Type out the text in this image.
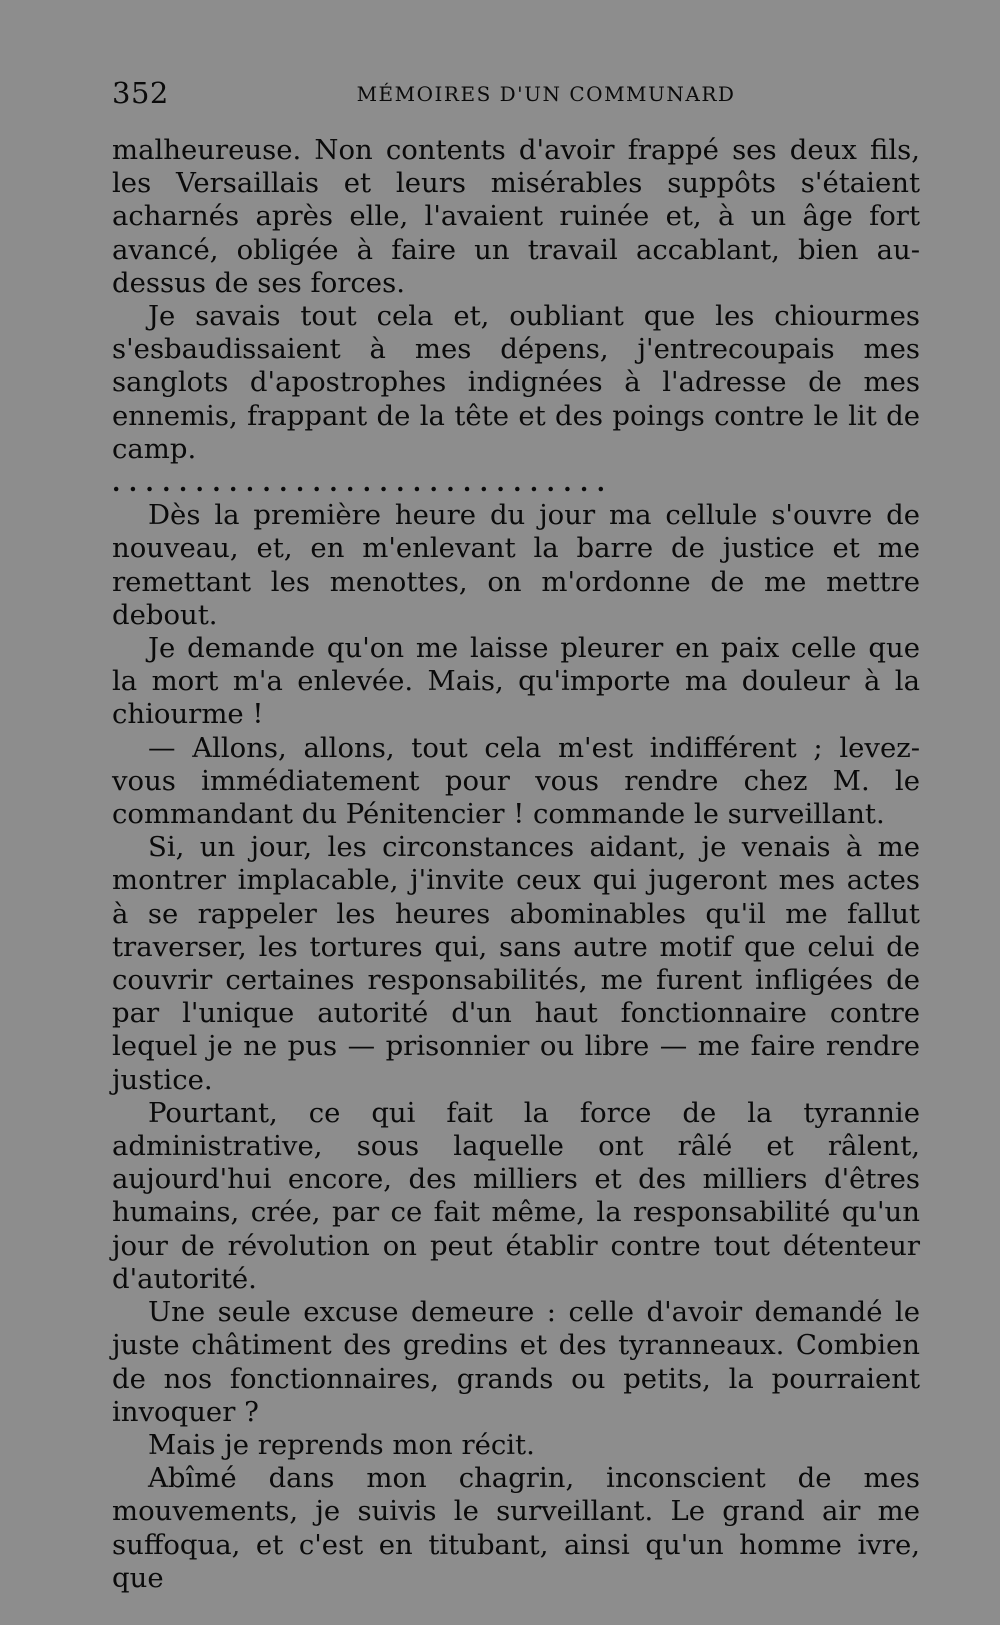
352	MÉMOIRES D'UN COMMUNARD

malheureuse. Non contents d'avoir frappé ses deux fils, les Versaillais et leurs misérables suppôts s'étaient acharnés après elle, l'avaient ruinée et, à un âge fort avancé, obligée à faire un travail accablant, bien au-dessus de ses forces.

Je savais tout cela et, oubliant que les chiourmes s'esbaudissaient à mes dépens, j'entrecoupais mes sanglots d'apostrophes indignées à l'adresse de mes ennemis, frappant de la tête et des poings contre le lit de camp.

. . . . . . . . . . . . . . . . . . . . . . . . . . . . . .

Dès la première heure du jour ma cellule s'ouvre de nouveau, et, en m'enlevant la barre de justice et me remettant les menottes, on m'ordonne de me mettre debout.

Je demande qu'on me laisse pleurer en paix celle que la mort m'a enlevée. Mais, qu'importe ma douleur à la chiourme !

— Allons, allons, tout cela m'est indifférent ; levez-vous immédiatement pour vous rendre chez M. le commandant du Pénitencier ! commande le surveillant.

Si, un jour, les circonstances aidant, je venais à me montrer implacable, j'invite ceux qui jugeront mes actes à se rappeler les heures abominables qu'il me fallut traverser, les tortures qui, sans autre motif que celui de couvrir certaines responsabilités, me furent infligées de par l'unique autorité d'un haut fonctionnaire contre lequel je ne pus — prisonnier ou libre — me faire rendre justice.

Pourtant, ce qui fait la force de la tyrannie administrative, sous laquelle ont râlé et râlent, aujourd'hui encore, des milliers et des milliers d'êtres humains, crée, par ce fait même, la responsabilité qu'un jour de révolution on peut établir contre tout détenteur d'autorité.

Une seule excuse demeure : celle d'avoir demandé le juste châtiment des gredins et des tyranneaux. Combien de nos fonctionnaires, grands ou petits, la pourraient invoquer ?

Mais je reprends mon récit.

Abîmé dans mon chagrin, inconscient de mes mouvements, je suivis le surveillant. Le grand air me suffoqua, et c'est en titubant, ainsi qu'un homme ivre, que
